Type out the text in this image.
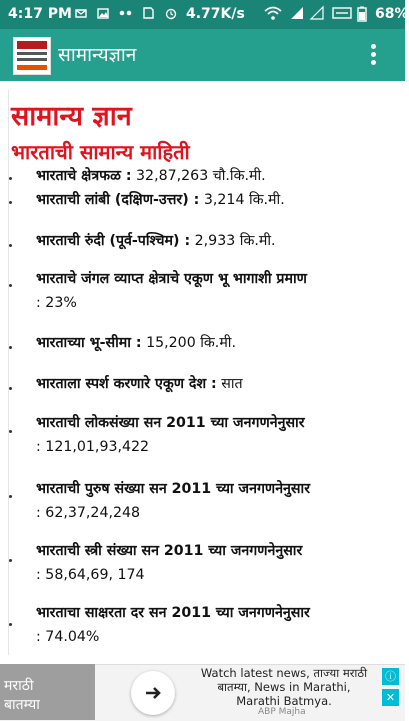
4:17 PM	4.77K/s	68%
सामान्यज्ञान
सामान्य ज्ञान
भारताची सामान्य माहिती
भारताचे क्षेत्रफळ : 32,87,263 चौ.कि.मी.
भारताची लांबी (दक्षिण-उत्तर) : 3,214 कि.मी.
भारताची रुंदी (पूर्व-पश्चिम) : 2,933 कि.मी.
भारताचे जंगल व्याप्त क्षेत्राचे एकूण भू भागाशी प्रमाण
: 23%
भारताच्या भू-सीमा : 15,200 कि.मी.
भारताला स्पर्श करणारे एकूण देश : सात
भारताची लोकसंख्या सन 2011 च्या जनगणनेनुसार
: 121,01,93,422
भारताची पुरुष संख्या सन 2011 च्या जनगणनेनुसार
: 62,37,24,248
भारताची स्त्री संख्या सन 2011 च्या जनगणनेनुसार
: 58,64,69, 174
भारताचा साक्षरता दर सन 2011 च्या जनगणनेनुसार
: 74.04%
मराठी
बातम्या
Watch latest news, ताज्या मराठी बातम्या, News in Marathi, Marathi Batmya.
ABP Majha
ⓘ
✕
